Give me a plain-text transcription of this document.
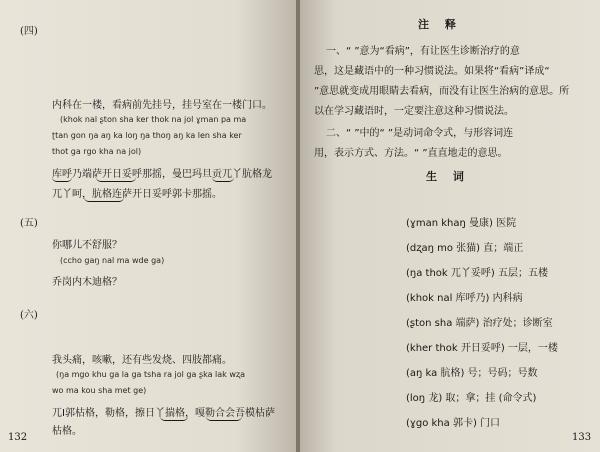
(四)
内科在一楼，看病前先挂号，挂号室在一楼门口。
(khok nal ʂton sha ker thok na jol ɣman pa ma
ʈtan gon ŋa aŋ ka loŋ ŋa thoŋ aŋ ka len sha ker
thot ga rgo kha na jol)
库呼乃端萨开日妥呼那摇，曼巴玛旦贡兀丫肮格龙
兀丫呵，肮格连萨开日妥呼郭卡那摇。
(五)
你哪儿不舒服？
(ccho gaŋ nal ma wde ga)
乔岗内木迪格？
(六)
我头痛，咳嗽，还有些发烧、四肢都痛。
(ŋa mgo khu ga la ga tsha ra jol ga ʂka lak wʐa
wo ma kou sha met ge)
兀Ⅰ郭枯格，勒格，擦日丫揣格，嘎勒合会吾模枯萨
枯格。
132
注 释
一、“ ”意为“看病”，有让医生诊断治疗的意
思，这是藏语中的一种习惯说法。如果将“看病”译成“
”意思就变成用眼睛去看病，而没有让医生治病的意思。所
以在学习藏语时，一定要注意这种习惯说法。
二、“ ”中的“ ”是动词命令式，与形容词连
用，表示方式、方法。“ ”直直地走的意思。
生 词
(ɣman khaŋ 曼康) 医院
(dʐaŋ mo 张猫) 直；端正
(ŋa thok 兀丫妥呼) 五层；五楼
(khok nal 库呼乃) 内科病
(ʂton sha 端萨) 治疗处；诊断室
(kher thok 开日妥呼) 一层，一楼
(aŋ ka 肮格) 号；号码；号数
(loŋ 龙) 取；拿；挂 (命令式)
(ɣgo kha 郭卡) 门口
133
